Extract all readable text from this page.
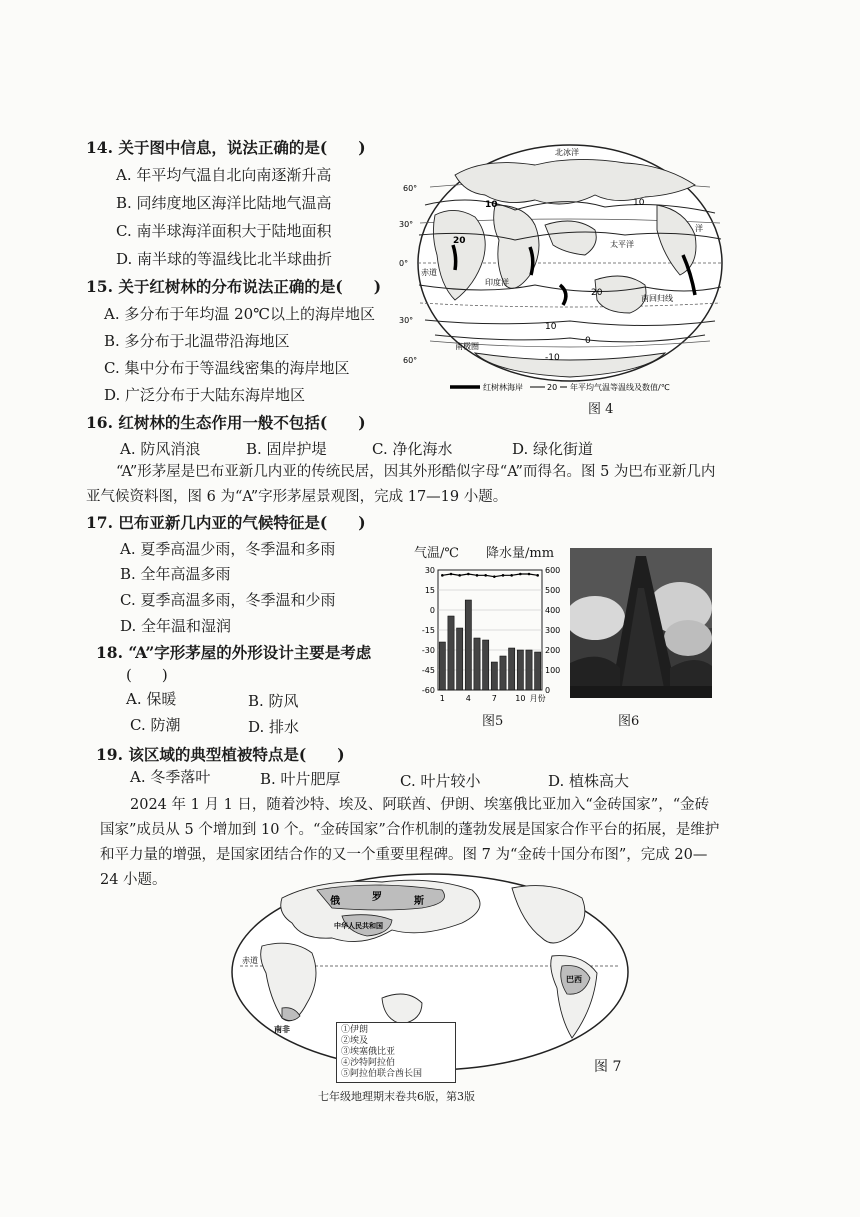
14. 关于图中信息，说法正确的是(　　)
A. 年平均气温自北向南逐渐升高
B. 同纬度地区海洋比陆地气温高
C. 南半球海洋面积大于陆地面积
D. 南半球的等温线比北半球曲折
15. 关于红树林的分布说法正确的是(　　)
A. 多分布于年均温 20℃以上的海岸地区
B. 多分布于北温带沿海地区
C. 集中分布于等温线密集的海岸地区
D. 广泛分布于大陆东海岸地区
60°
30°
0°
30°
60°
北冰洋
太平洋
印度洋
赤道
南回归线
南极圈
洋
10
20
10
20
10
0
-10
红树林海岸	20 年平均气温等温线及数值/℃
图 4
16. 红树林的生态作用一般不包括(　　)
A. 防风消浪	B. 固岸护堤	C. 净化海水	D. 绿化街道
“A”形茅屋是巴布亚新几内亚的传统民居，因其外形酷似字母“A”而得名。图 5 为巴布亚新几内亚气候资料图，图 6 为“A”字形茅屋景观图，完成 17—19 小题。
17. 巴布亚新几内亚的气候特征是(　　)
A. 夏季高温少雨，冬季温和多雨
B. 全年高温多雨
C. 夏季高温多雨，冬季温和少雨
D. 全年温和湿润
18. “A”字形茅屋的外形设计主要是考虑
(　　)
A. 保暖	B. 防风
C. 防潮	D. 排水
气温/℃ 降水量/mm
30
15
0
-15
-30
-45
-60
600
500
400
300
200
100
0
1	4	7 10 月份
图5	图6
19. 该区域的典型植被特点是(　　)
A. 冬季落叶	B. 叶片肥厚	C. 叶片较小	D. 植株高大
2024 年 1 月 1 日，随着沙特、埃及、阿联酋、伊朗、埃塞俄比亚加入“金砖国家”，“金砖国家”成员从 5 个增加到 10 个。“金砖国家”合作机制的蓬勃发展是国家合作平台的拓展，是维护和平力量的增强，是国家团结合作的又一个重要里程碑。图 7 为“金砖十国分布图”，完成 20—24 小题。
俄	罗	斯
中华人民共和国
赤道
南非
巴西
①伊朗
②埃及
③埃塞俄比亚
④沙特阿拉伯
⑤阿拉伯联合酋长国	图 7
七年级地理期末卷共6版，第3版
